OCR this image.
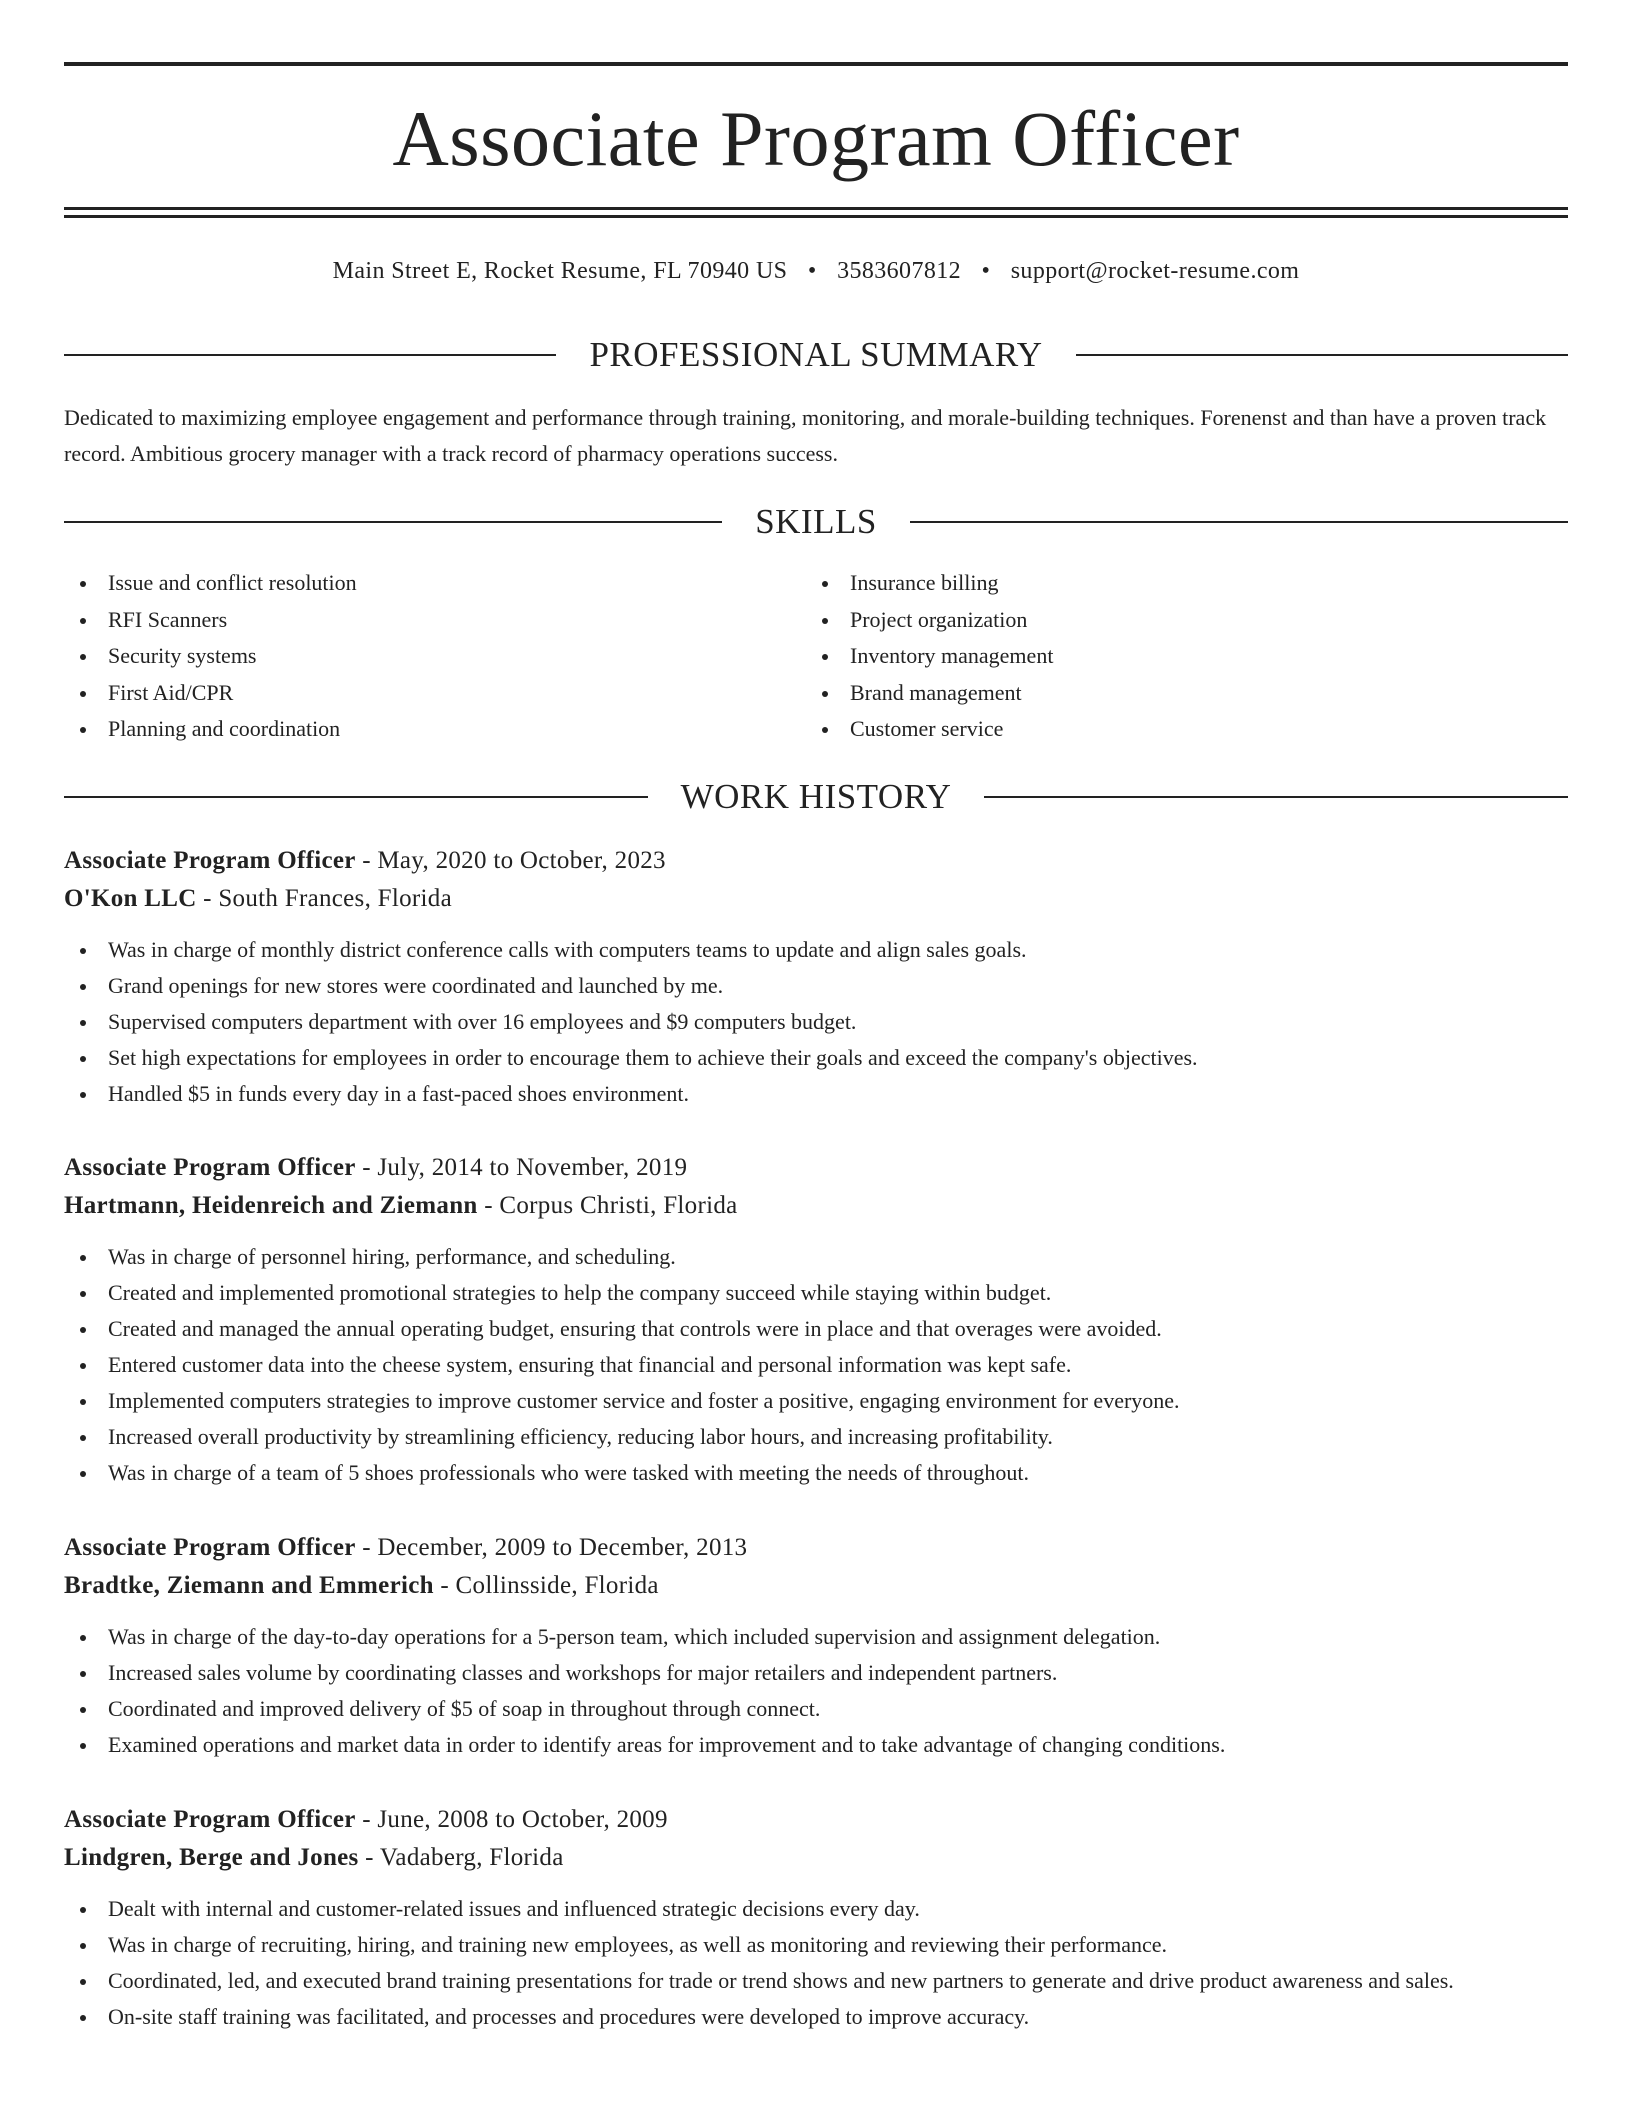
Associate Program Officer
Main Street E, Rocket Resume, FL 70940 US • 3583607812 • support@rocket-resume.com
PROFESSIONAL SUMMARY

Dedicated to maximizing employee engagement and performance through training, monitoring, and morale-building techniques. Forenenst and than have a proven track record. Ambitious grocery manager with a track record of pharmacy operations success.

SKILLS
Issue and conflict resolution
RFI Scanners
Security systems
First Aid/CPR
Planning and coordination
Insurance billing
Project organization
Inventory management
Brand management
Customer service
WORK HISTORY
Associate Program Officer - May, 2020 to October, 2023
O'Kon LLC - South Frances, Florida
Was in charge of monthly district conference calls with computers teams to update and align sales goals.
Grand openings for new stores were coordinated and launched by me.
Supervised computers department with over 16 employees and $9 computers budget.
Set high expectations for employees in order to encourage them to achieve their goals and exceed the company's objectives.
Handled $5 in funds every day in a fast-paced shoes environment.
Associate Program Officer - July, 2014 to November, 2019
Hartmann, Heidenreich and Ziemann - Corpus Christi, Florida
Was in charge of personnel hiring, performance, and scheduling.
Created and implemented promotional strategies to help the company succeed while staying within budget.
Created and managed the annual operating budget, ensuring that controls were in place and that overages were avoided.
Entered customer data into the cheese system, ensuring that financial and personal information was kept safe.
Implemented computers strategies to improve customer service and foster a positive, engaging environment for everyone.
Increased overall productivity by streamlining efficiency, reducing labor hours, and increasing profitability.
Was in charge of a team of 5 shoes professionals who were tasked with meeting the needs of throughout.
Associate Program Officer - December, 2009 to December, 2013
Bradtke, Ziemann and Emmerich - Collinsside, Florida
Was in charge of the day-to-day operations for a 5-person team, which included supervision and assignment delegation.
Increased sales volume by coordinating classes and workshops for major retailers and independent partners.
Coordinated and improved delivery of $5 of soap in throughout through connect.
Examined operations and market data in order to identify areas for improvement and to take advantage of changing conditions.
Associate Program Officer - June, 2008 to October, 2009
Lindgren, Berge and Jones - Vadaberg, Florida
Dealt with internal and customer-related issues and influenced strategic decisions every day.
Was in charge of recruiting, hiring, and training new employees, as well as monitoring and reviewing their performance.
Coordinated, led, and executed brand training presentations for trade or trend shows and new partners to generate and drive product awareness and sales.
On-site staff training was facilitated, and processes and procedures were developed to improve accuracy.
